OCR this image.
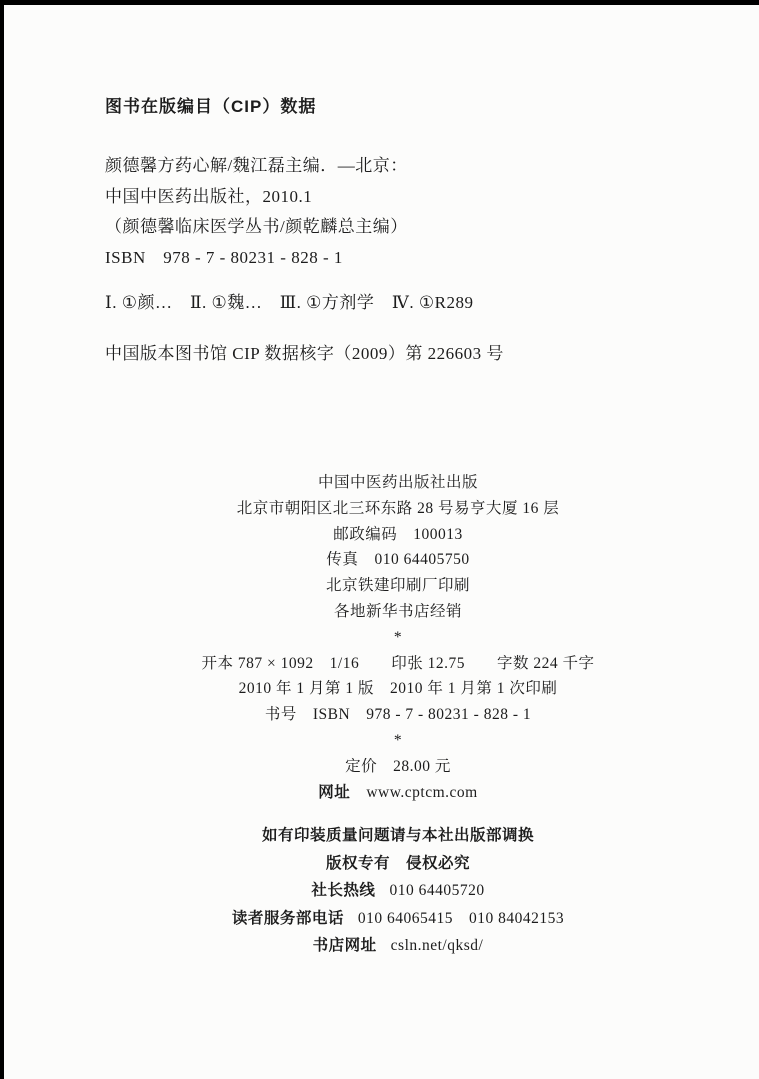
图书在版编目（CIP）数据

颜德馨方药心解/魏江磊主编．—北京：

中国中医药出版社，2010.1

（颜德馨临床医学丛书/颜乾麟总主编）

ISBN　978 - 7 - 80231 - 828 - 1

Ⅰ. ①颜…　Ⅱ. ①魏…　Ⅲ. ①方剂学　Ⅳ. ①R289

中国版本图书馆 CIP 数据核字（2009）第 226603 号

中国中医药出版社出版

北京市朝阳区北三环东路 28 号易亨大厦 16 层

邮政编码 100013

传真 010 64405750

北京铁建印刷厂印刷

各地新华书店经销

*

开本 787 × 1092　1/16　　印张 12.75　　字数 224 千字

2010 年 1 月第 1 版　2010 年 1 月第 1 次印刷

书号 ISBN　978 - 7 - 80231 - 828 - 1

*

定价 28.00 元

网址 www.cptcm.com

如有印装质量问题请与本社出版部调换

版权专有　侵权必究

社长热线 010 64405720

读者服务部电话 010 64065415　010 84042153

书店网址 csln.net/qksd/
